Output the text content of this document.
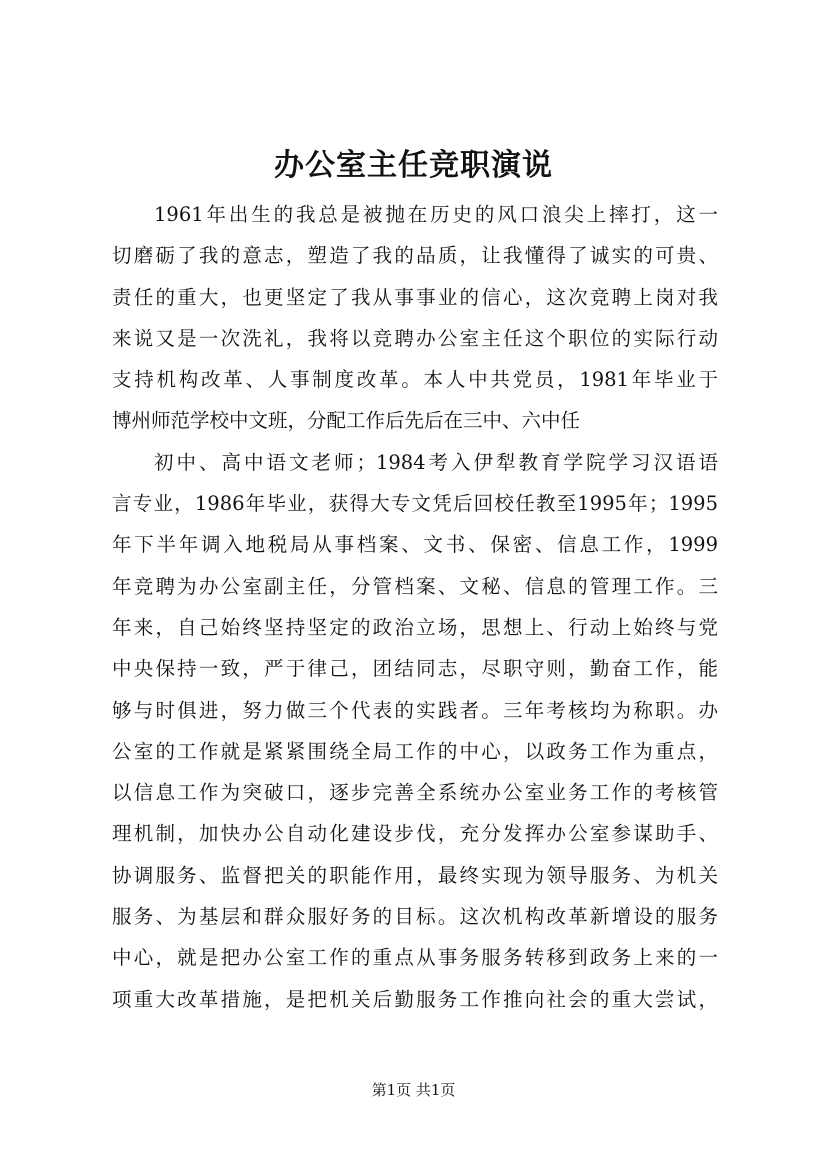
办公室主任竞职演说
1961年出生的我总是被抛在历史的风口浪尖上摔打，这一
切磨砺了我的意志，塑造了我的品质，让我懂得了诚实的可贵、
责任的重大，也更坚定了我从事事业的信心，这次竞聘上岗对我
来说又是一次洗礼，我将以竞聘办公室主任这个职位的实际行动
支持机构改革、人事制度改革。本人中共党员，1981年毕业于
博州师范学校中文班，分配工作后先后在三中、六中任
初中、高中语文老师；1984考入伊犁教育学院学习汉语语
言专业，1986年毕业，获得大专文凭后回校任教至1995年；1995
年下半年调入地税局从事档案、文书、保密、信息工作，1999
年竞聘为办公室副主任，分管档案、文秘、信息的管理工作。三
年来，自己始终坚持坚定的政治立场，思想上、行动上始终与党
中央保持一致，严于律己，团结同志，尽职守则，勤奋工作，能
够与时俱进，努力做三个代表的实践者。三年考核均为称职。办
公室的工作就是紧紧围绕全局工作的中心，以政务工作为重点，
以信息工作为突破口，逐步完善全系统办公室业务工作的考核管
理机制，加快办公自动化建设步伐，充分发挥办公室参谋助手、
协调服务、监督把关的职能作用，最终实现为领导服务、为机关
服务、为基层和群众服好务的目标。这次机构改革新增设的服务
中心，就是把办公室工作的重点从事务服务转移到政务上来的一
项重大改革措施，是把机关后勤服务工作推向社会的重大尝试，
第1页 共1页
